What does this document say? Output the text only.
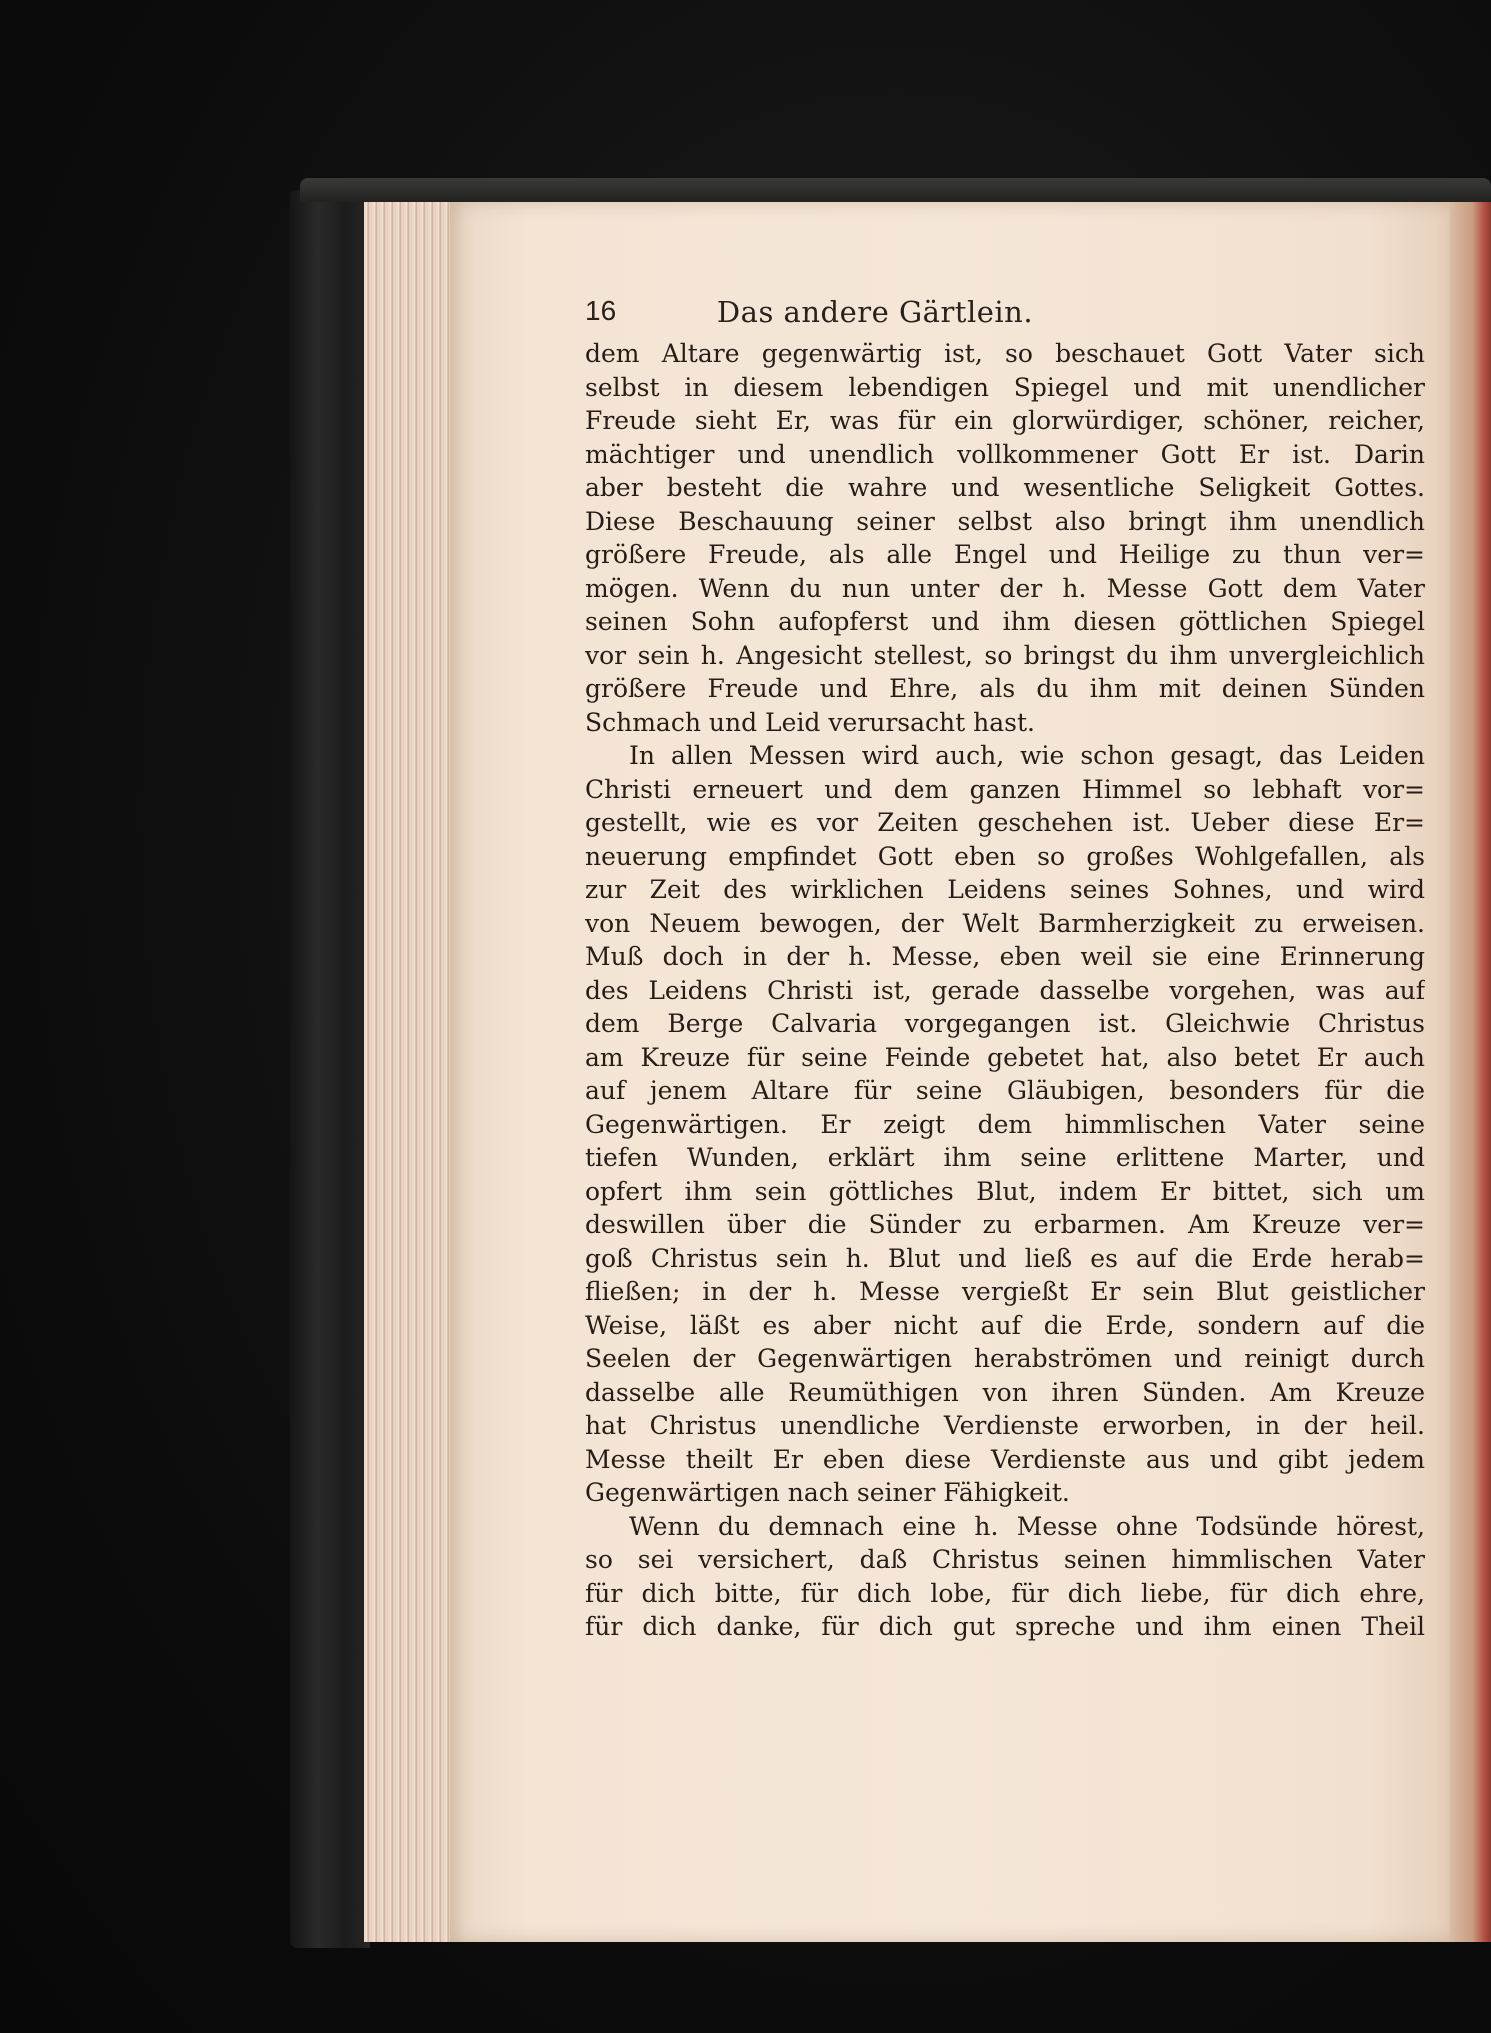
16	Das andere Gärtlein.
dem Altare gegenwärtig ist, so beschauet Gott Vater sich
selbst in diesem lebendigen Spiegel und mit unendlicher
Freude sieht Er, was für ein glorwürdiger, schöner, reicher,
mächtiger und unendlich vollkommener Gott Er ist. Darin
aber besteht die wahre und wesentliche Seligkeit Gottes.
Diese Beschauung seiner selbst also bringt ihm unendlich
größere Freude, als alle Engel und Heilige zu thun ver=
mögen. Wenn du nun unter der h. Messe Gott dem Vater
seinen Sohn aufopferst und ihm diesen göttlichen Spiegel
vor sein h. Angesicht stellest, so bringst du ihm unvergleichlich
größere Freude und Ehre, als du ihm mit deinen Sünden
Schmach und Leid verursacht hast.
In allen Messen wird auch, wie schon gesagt, das Leiden
Christi erneuert und dem ganzen Himmel so lebhaft vor=
gestellt, wie es vor Zeiten geschehen ist. Ueber diese Er=
neuerung empfindet Gott eben so großes Wohlgefallen, als
zur Zeit des wirklichen Leidens seines Sohnes, und wird
von Neuem bewogen, der Welt Barmherzigkeit zu erweisen.
Muß doch in der h. Messe, eben weil sie eine Erinnerung
des Leidens Christi ist, gerade dasselbe vorgehen, was auf
dem Berge Calvaria vorgegangen ist. Gleichwie Christus
am Kreuze für seine Feinde gebetet hat, also betet Er auch
auf jenem Altare für seine Gläubigen, besonders für die
Gegenwärtigen. Er zeigt dem himmlischen Vater seine
tiefen Wunden, erklärt ihm seine erlittene Marter, und
opfert ihm sein göttliches Blut, indem Er bittet, sich um
deswillen über die Sünder zu erbarmen. Am Kreuze ver=
goß Christus sein h. Blut und ließ es auf die Erde herab=
fließen; in der h. Messe vergießt Er sein Blut geistlicher
Weise, läßt es aber nicht auf die Erde, sondern auf die
Seelen der Gegenwärtigen herabströmen und reinigt durch
dasselbe alle Reumüthigen von ihren Sünden. Am Kreuze
hat Christus unendliche Verdienste erworben, in der heil.
Messe theilt Er eben diese Verdienste aus und gibt jedem
Gegenwärtigen nach seiner Fähigkeit.
Wenn du demnach eine h. Messe ohne Todsünde hörest,
so sei versichert, daß Christus seinen himmlischen Vater
für dich bitte, für dich lobe, für dich liebe, für dich ehre,
für dich danke, für dich gut spreche und ihm einen Theil
